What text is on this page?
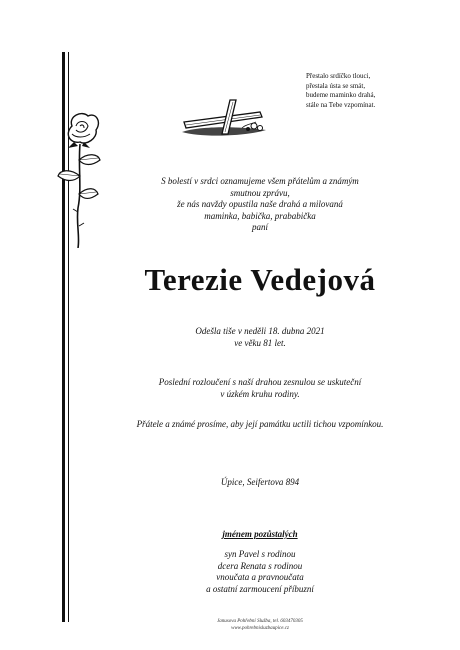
Přestalo srdíčko tlouci,
přestala ústa se smát,
budeme maminko drahá,
stále na Tebe vzpomínat.
S bolestí v srdci oznamujeme všem přátelům a známým
smutnou zprávu,
že nás navždy opustila naše drahá a milovaná
maminka, babička, prababička
paní
Terezie Vedejová
Odešla tiše v neděli 18. dubna 2021
ve věku 81 let.
Poslední rozloučení s naší drahou zesnulou se uskuteční
v úzkém kruhu rodiny.
Přátele a známé prosíme, aby její památku uctili tichou vzpomínkou.
Úpice, Seifertova 894
jménem pozůstalých
syn Pavel s rodinou
dcera Renata s rodinou
vnoučata a pravnoučata
a ostatní zarmoucení příbuzní
Janusova Pohřební Služba, tel. 603470305
www.pohrebnisluzbaupice.cz
